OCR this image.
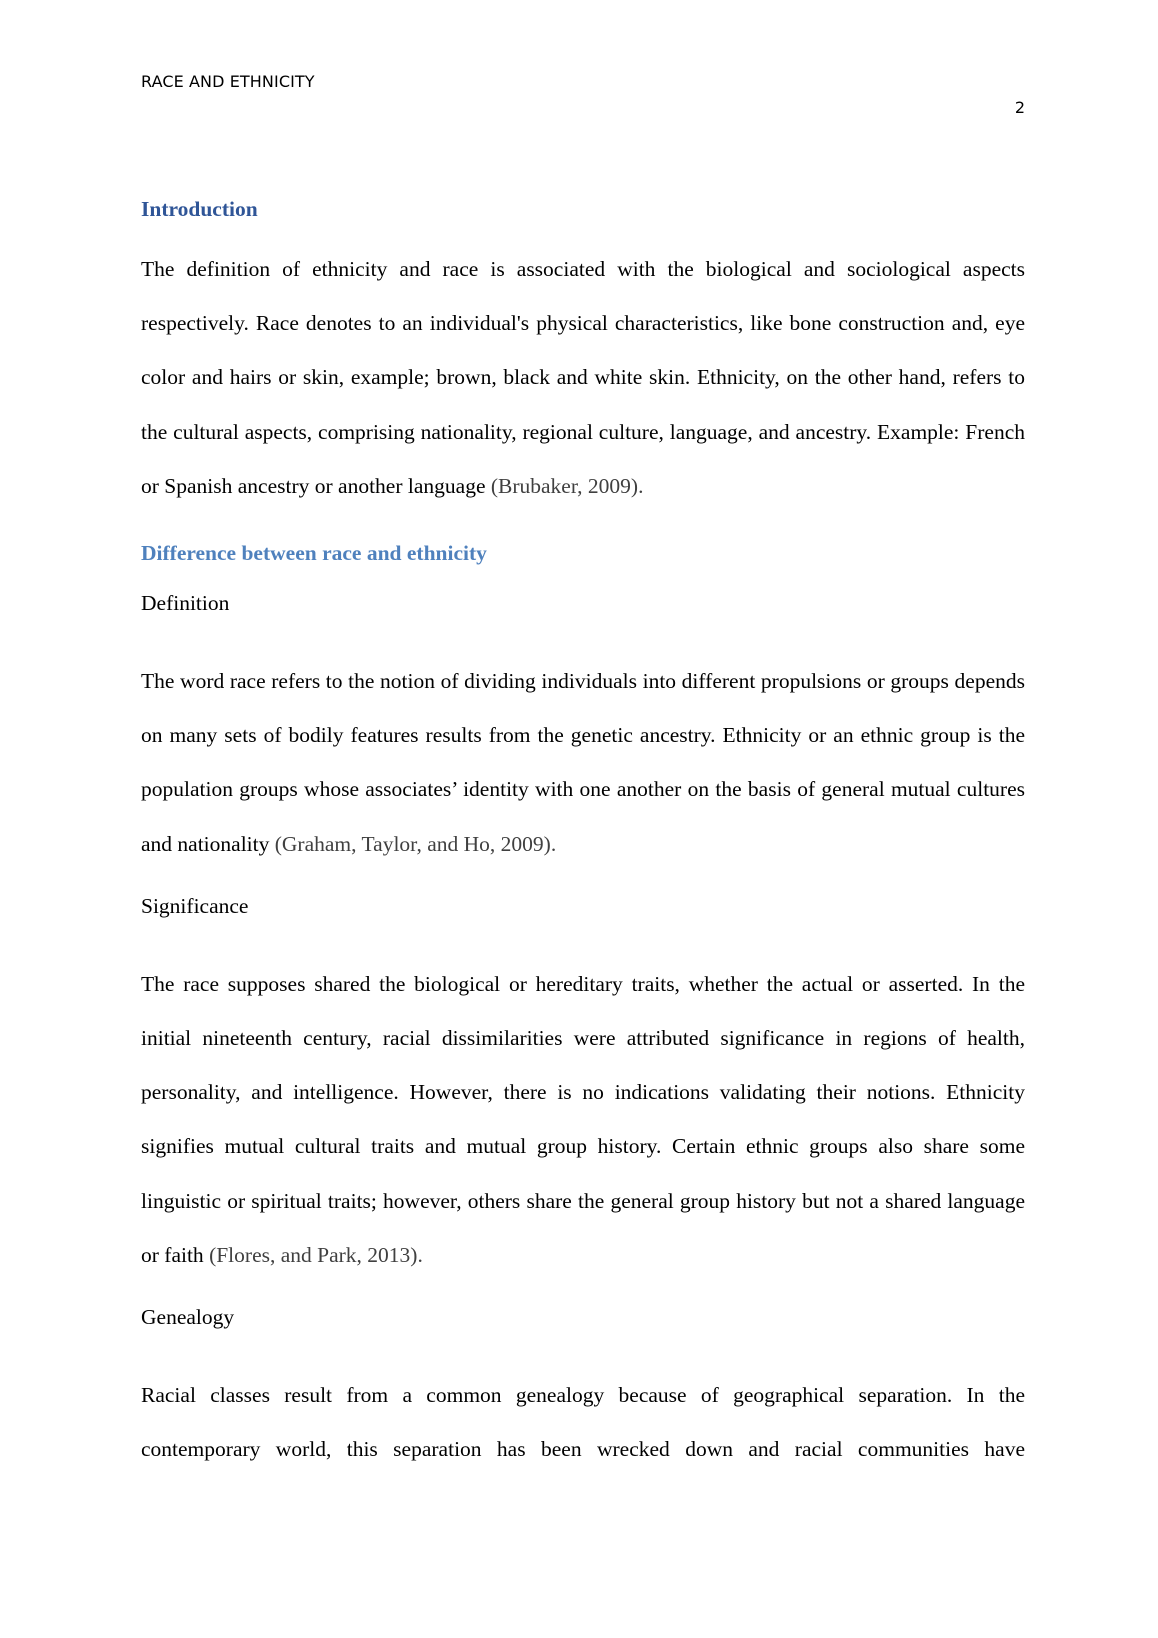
RACE AND ETHNICITY
2
Introduction

The definition of ethnicity and race is associated with the biological and sociological aspects respectively. Race denotes to an individual's physical characteristics, like bone construction and, eye color and hairs or skin, example; brown, black and white skin. Ethnicity, on the other hand, refers to the cultural aspects, comprising nationality, regional culture, language, and ancestry. Example: French or Spanish ancestry or another language (Brubaker, 2009).

Difference between race and ethnicity

Definition

The word race refers to the notion of dividing individuals into different propulsions or groups depends on many sets of bodily features results from the genetic ancestry. Ethnicity or an ethnic group is the population groups whose associates’ identity with one another on the basis of general mutual cultures and nationality (Graham, Taylor, and Ho, 2009).

Significance

The race supposes shared the biological or hereditary traits, whether the actual or asserted. In the initial nineteenth century, racial dissimilarities were attributed significance in regions of health, personality, and intelligence. However, there is no indications validating their notions. Ethnicity signifies mutual cultural traits and mutual group history. Certain ethnic groups also share some linguistic or spiritual traits; however, others share the general group history but not a shared language or faith (Flores, and Park, 2013).

Genealogy

Racial classes result from a common genealogy because of geographical separation. In the contemporary world, this separation has been wrecked down and racial communities have
